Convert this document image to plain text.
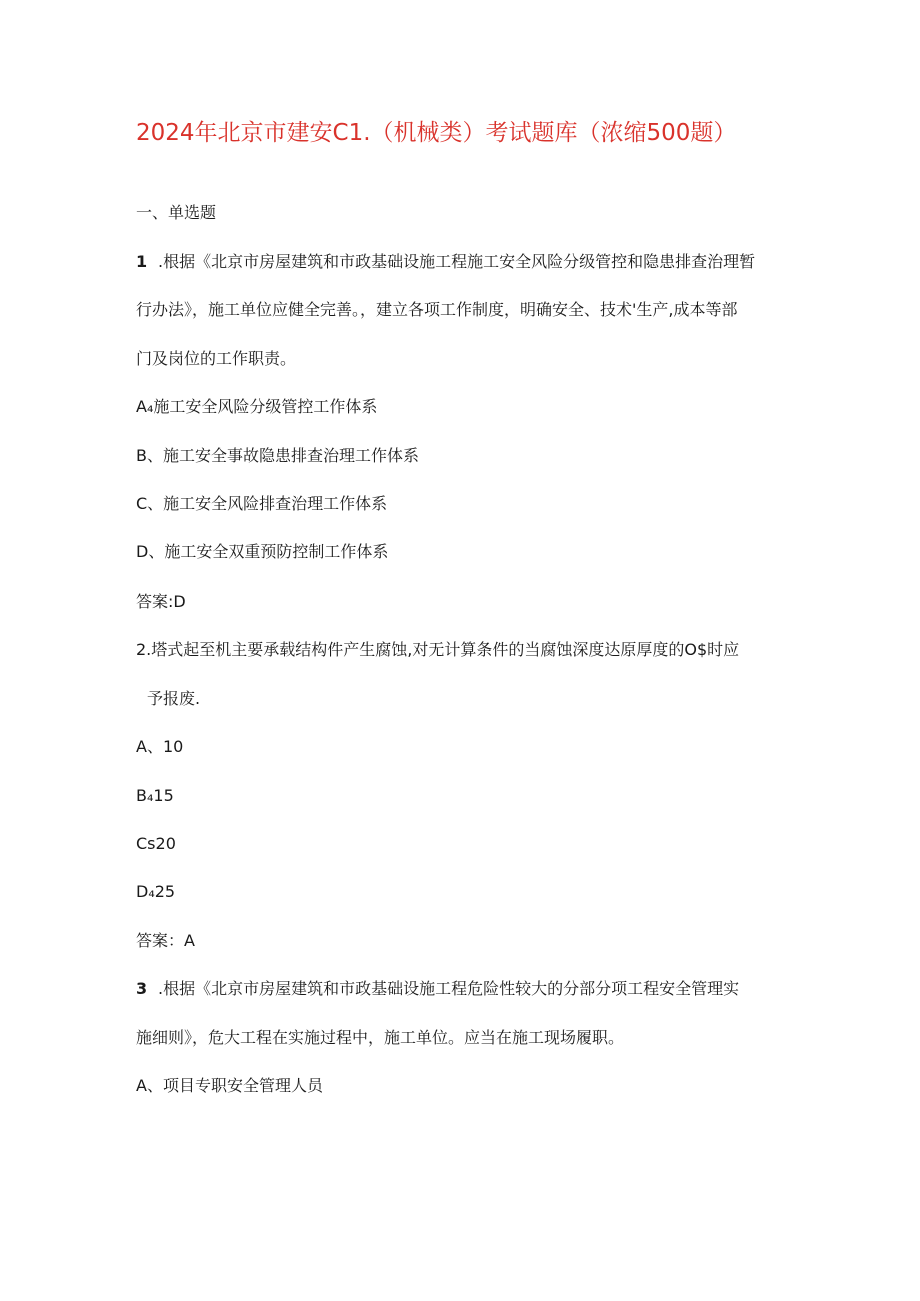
2024年北京市建安C1.（机械类）考试题库（浓缩500题）
一、单选题
1 .根据《北京市房屋建筑和市政基础设施工程施工安全风险分级管控和隐患排查治理暂
行办法》，施工单位应健全完善。，建立各项工作制度，明确安全、技术'生产,成本等部
门及岗位的工作职责。
A₄施工安全风险分级管控工作体系
B、施工安全事故隐患排查治理工作体系
C、施工安全风险排查治理工作体系
D、施工安全双重预防控制工作体系
答案:D
2.塔式起至机主要承载结构件产生腐蚀,对无计算条件的当腐蚀深度达原厚度的O$时应
予报废.
A、10
B₄15
Cs20
D₄25
答案：A
3 .根据《北京市房屋建筑和市政基础设施工程危险性较大的分部分项工程安全管理实
施细则》，危大工程在实施过程中，施工单位。应当在施工现场履职。
A、项目专职安全管理人员
